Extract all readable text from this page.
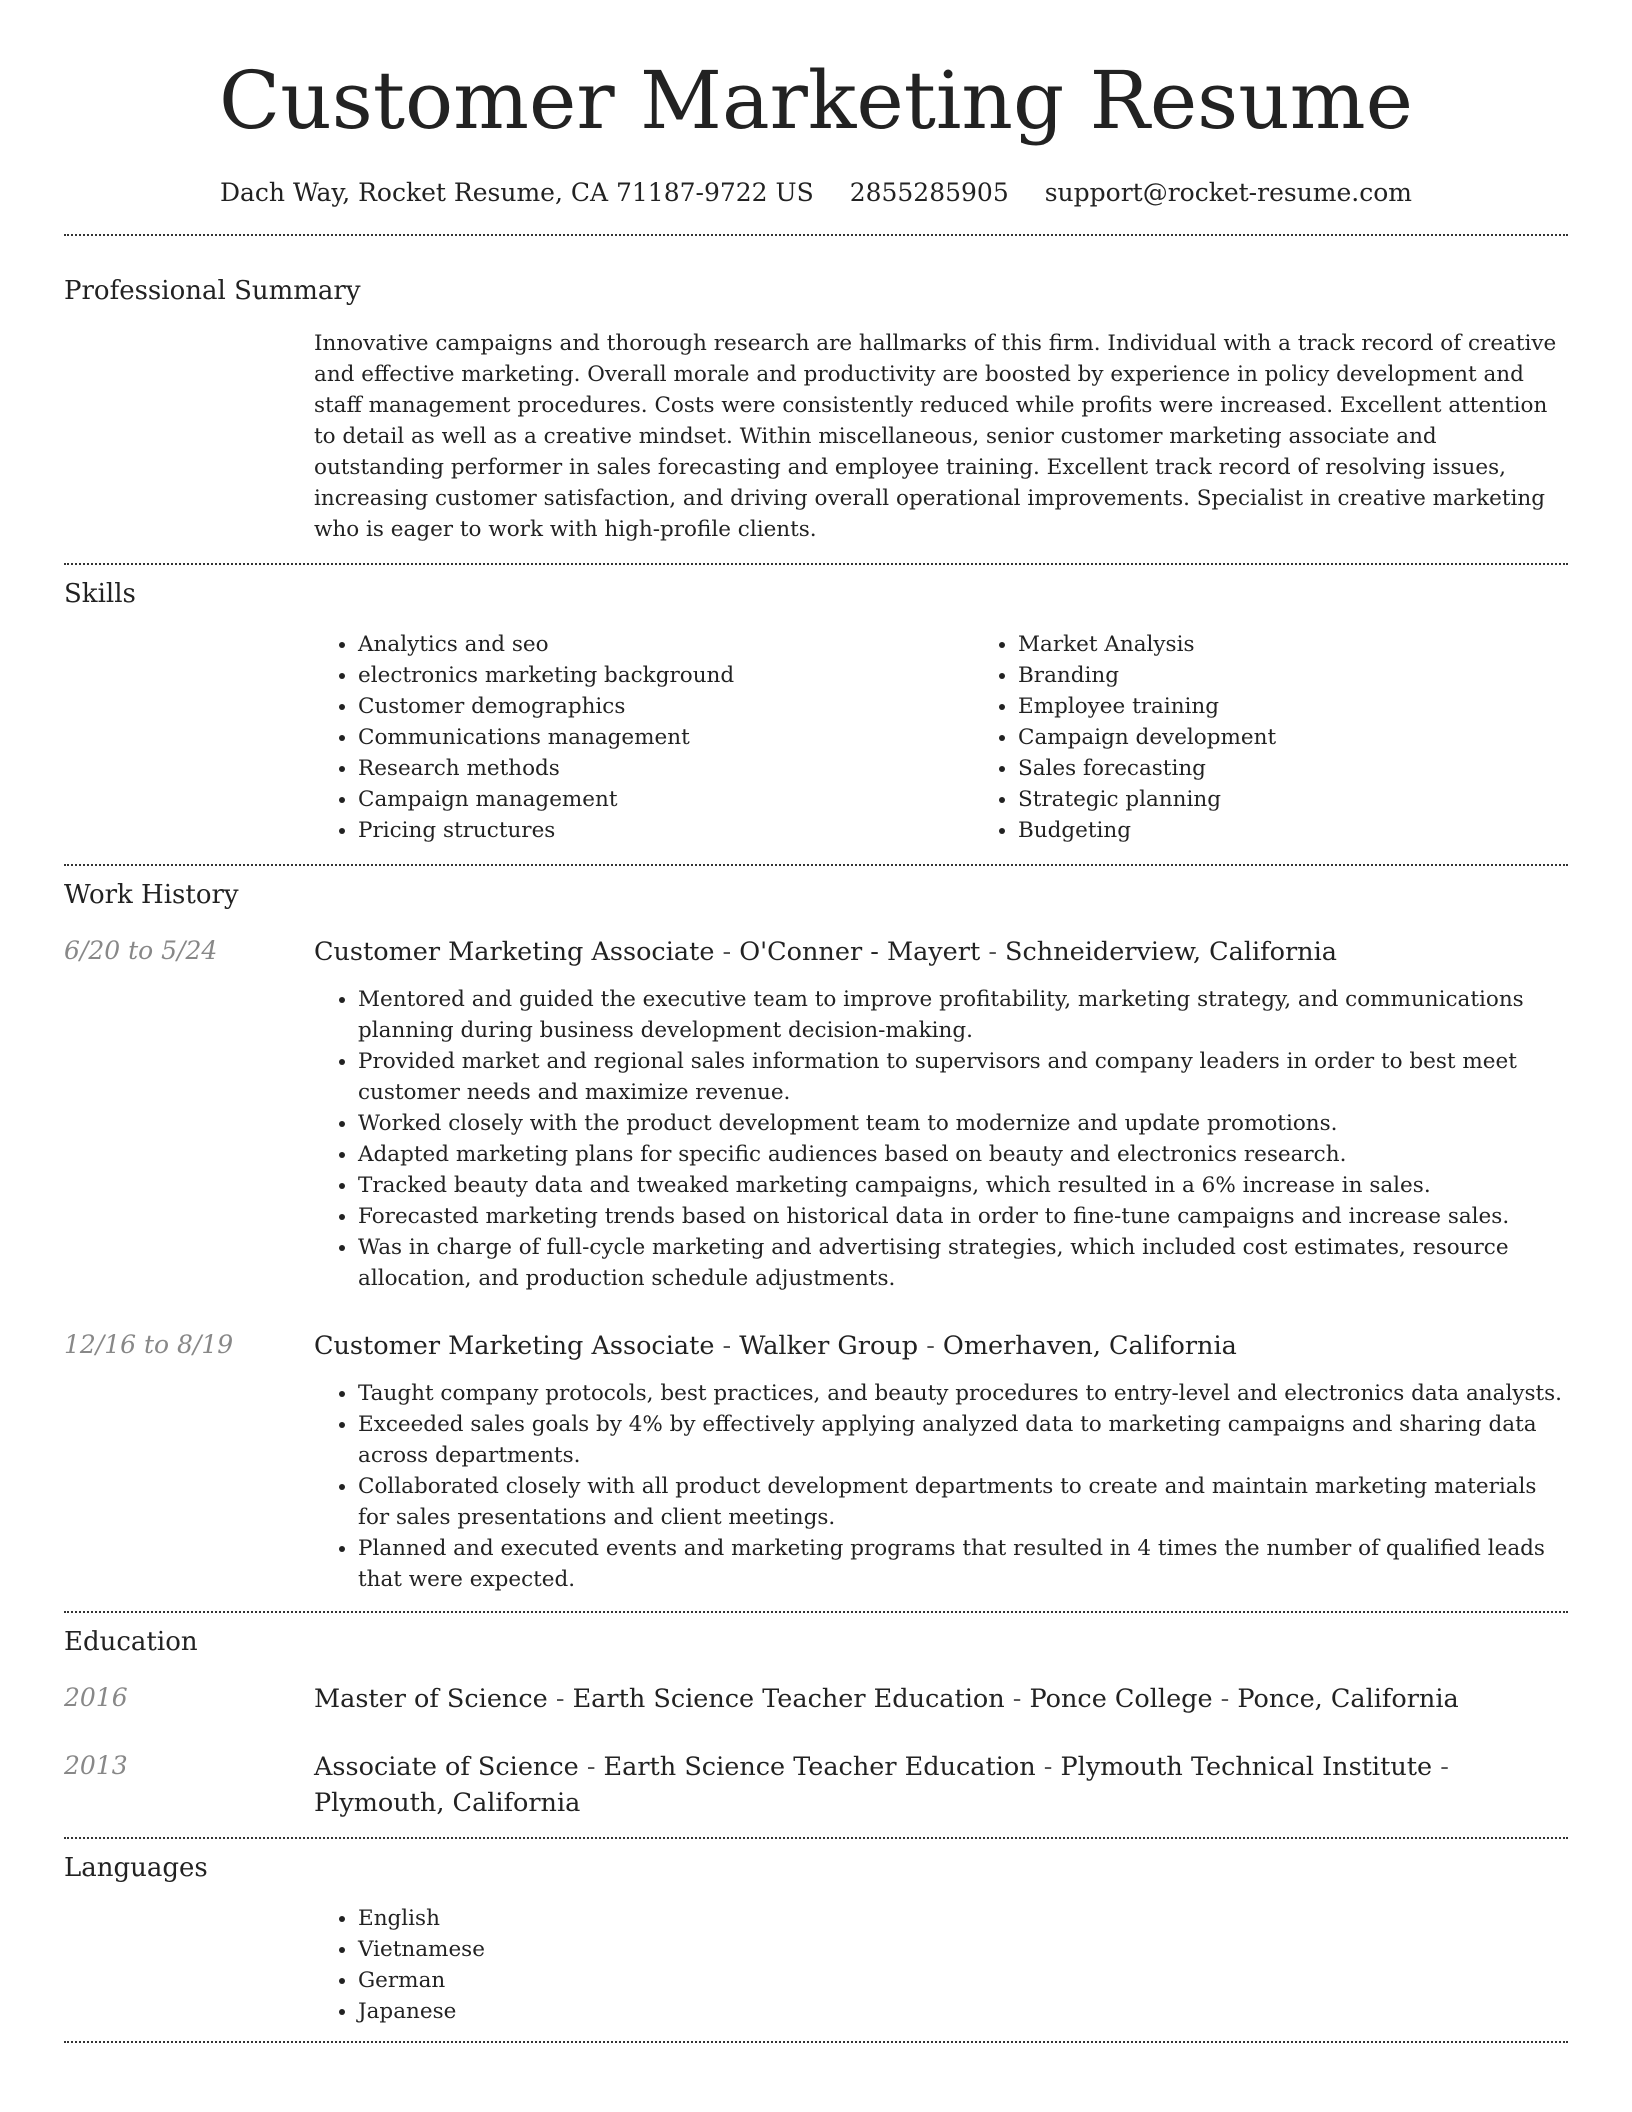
Customer Marketing Resume
Dach Way, Rocket Resume, CA 71187-9722 US 2855285905 support@rocket-resume.com
Professional Summary

Innovative campaigns and thorough research are hallmarks of this firm. Individual with a track record of creative and effective marketing. Overall morale and productivity are boosted by experience in policy development and staff management procedures. Costs were consistently reduced while profits were increased. Excellent attention to detail as well as a creative mindset. Within miscellaneous, senior customer marketing associate and outstanding performer in sales forecasting and employee training. Excellent track record of resolving issues, increasing customer satisfaction, and driving overall operational improvements. Specialist in creative marketing who is eager to work with high-profile clients.

Skills
• Analytics and seo
• electronics marketing background
• Customer demographics
• Communications management
• Research methods
• Campaign management
• Pricing structures
• Market Analysis
• Branding
• Employee training
• Campaign development
• Sales forecasting
• Strategic planning
• Budgeting
Work History
6/20 to 5/24	Customer Marketing Associate - O'Conner - Mayert - Schneiderview, California

• Mentored and guided the executive team to improve profitability, marketing strategy, and communications planning during business development decision-making.
• Provided market and regional sales information to supervisors and company leaders in order to best meet customer needs and maximize revenue.
• Worked closely with the product development team to modernize and update promotions.
• Adapted marketing plans for specific audiences based on beauty and electronics research.
• Tracked beauty data and tweaked marketing campaigns, which resulted in a 6% increase in sales.
• Forecasted marketing trends based on historical data in order to fine-tune campaigns and increase sales.
• Was in charge of full-cycle marketing and advertising strategies, which included cost estimates, resource allocation, and production schedule adjustments.
12/16 to 8/19	Customer Marketing Associate - Walker Group - Omerhaven, California

• Taught company protocols, best practices, and beauty procedures to entry-level and electronics data analysts.
• Exceeded sales goals by 4% by effectively applying analyzed data to marketing campaigns and sharing data across departments.
• Collaborated closely with all product development departments to create and maintain marketing materials for sales presentations and client meetings.
• Planned and executed events and marketing programs that resulted in 4 times the number of qualified leads that were expected.
Education
2016	Master of Science - Earth Science Teacher Education - Ponce College - Ponce, California

2013	Associate of Science - Earth Science Teacher Education - Plymouth Technical Institute - Plymouth, California

Languages
• English
• Vietnamese
• German
• Japanese
